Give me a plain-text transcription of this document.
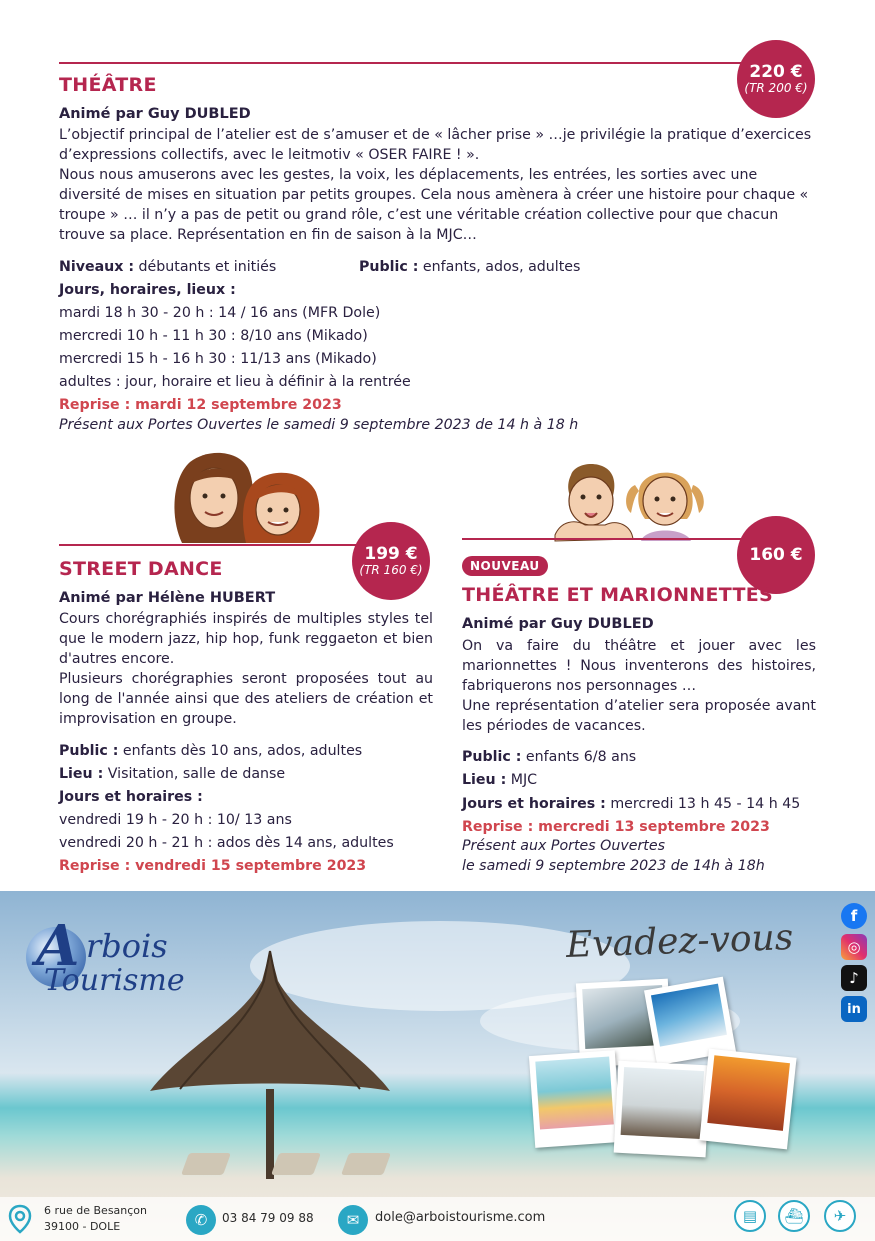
THÉÂTRE
220 €
(TR 200 €)
Animé par Guy DUBLED
L’objectif principal de l’atelier est de s’amuser et de « lâcher prise » …je privilégie la pratique d’exercices d’expressions collectifs, avec le leitmotiv « OSER FAIRE ! ».
Nous nous amuserons avec les gestes, la voix, les déplacements, les entrées, les sorties avec une diversité de mises en situation par petits groupes. Cela nous amènera à créer une histoire pour chaque « troupe » … il n’y a pas de petit ou grand rôle, c’est une véritable création collective pour que chacun trouve sa place. Représentation en fin de saison à la MJC…
Niveaux : débutants et initiés	Public : enfants, ados, adultes
Jours, horaires, lieux :
mardi 18 h 30 - 20 h : 14 / 16 ans (MFR Dole)
mercredi 10 h - 11 h 30 : 8/10 ans (Mikado)
mercredi 15 h - 16 h 30 : 11/13 ans (Mikado)
adultes : jour, horaire et lieu à définir à la rentrée
Reprise : mardi 12 septembre 2023
Présent aux Portes Ouvertes le samedi 9 septembre 2023 de 14 h à 18 h
STREET DANCE
199 €
(TR 160 €)
Animé par Hélène HUBERT
Cours chorégraphiés inspirés de multiples styles tel que le modern jazz, hip hop, funk reggaeton et bien d'autres encore.
Plusieurs chorégraphies seront proposées tout au long de l'année ainsi que des ateliers de création et improvisation en groupe.
Public : enfants dès 10 ans, ados, adultes
Lieu : Visitation, salle de danse
Jours et horaires :
vendredi 19 h - 20 h : 10/ 13 ans
vendredi 20 h - 21 h : ados dès 14 ans, adultes
Reprise : vendredi 15 septembre 2023
160 €
NOUVEAU
THÉÂTRE ET MARIONNETTES
Animé par Guy DUBLED
On va faire du théâtre et jouer avec les marionnettes ! Nous inventerons des histoires, fabriquerons nos personnages …
Une représentation d’atelier sera proposée avant les périodes de vacances.
Public : enfants 6/8 ans
Lieu : MJC
Jours et horaires : mercredi 13 h 45 - 14 h 45
Reprise : mercredi 13 septembre 2023
Présent aux Portes Ouvertes
le samedi 9 septembre 2023 de 14h à 18h
A rbois
Tourisme
Evadez-vous
f
◎
♪
in
6 rue de Besançon
39100 - DOLE	✆	03 84 79 09 88	✉	dole@arboistourisme.com	▤	⛴	✈
